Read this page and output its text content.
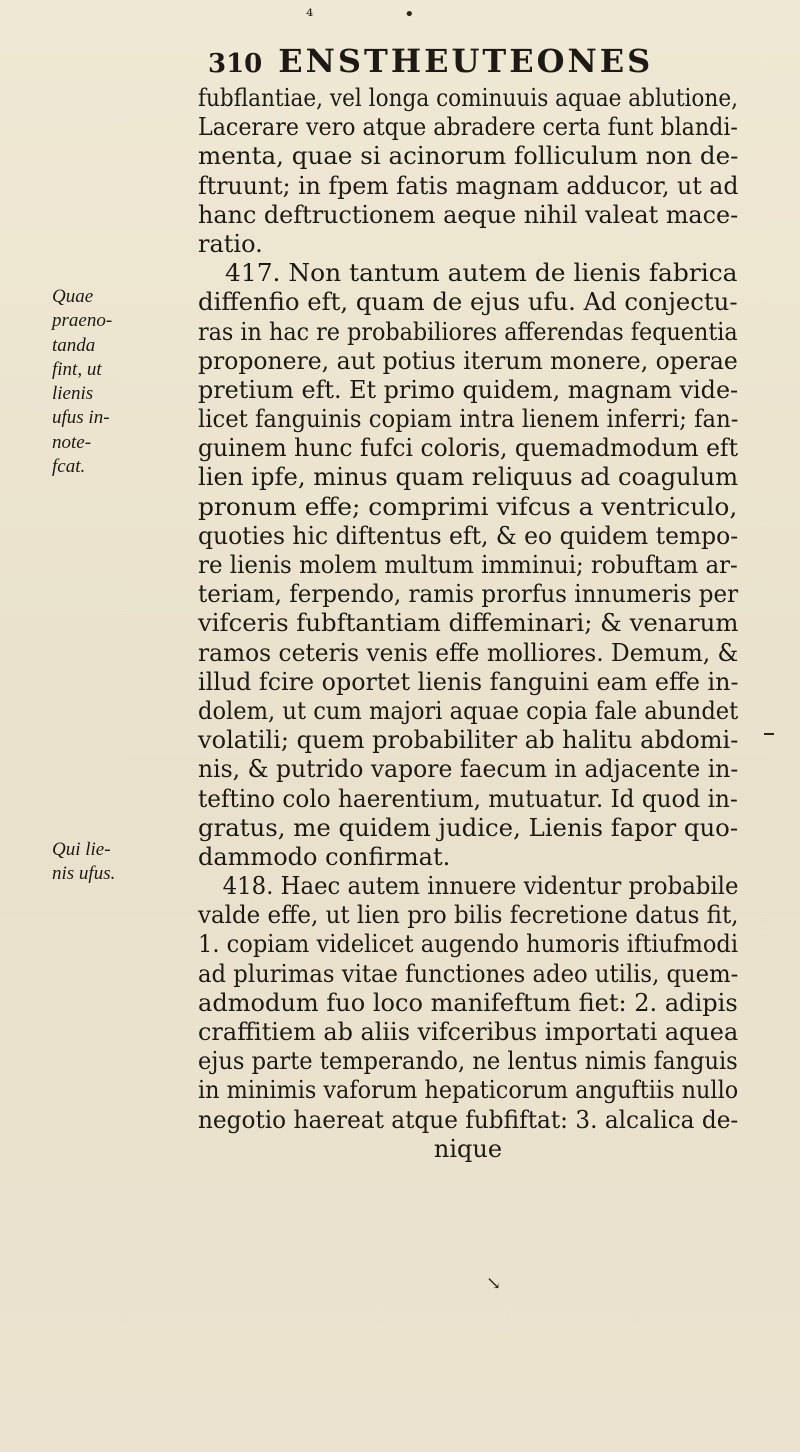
⁴	•
↘
310 ENSTHEUTEONES
fubflantiae, vel longa cominuuis aquae ablutione,
Lacerare vero atque abradere certa funt blandi-
menta, quae si acinorum folliculum non de-
ftruunt; in fpem fatis magnam adducor, ut ad
hanc deftructionem aeque nihil valeat mace-
ratio.
417. Non tantum autem de lienis fabrica
diffenfio eft, quam de ejus ufu. Ad conjectu-
ras in hac re probabiliores afferendas fequentia
proponere, aut potius iterum monere, operae
pretium eft. Et primo quidem, magnam vide-
licet fanguinis copiam intra lienem inferri; fan-
guinem hunc fufci coloris, quemadmodum eft
lien ipfe, minus quam reliquus ad coagulum
pronum effe; comprimi vifcus a ventriculo,
quoties hic diftentus eft, & eo quidem tempo-
re lienis molem multum imminui; robuftam ar-
teriam, ferpendo, ramis prorfus innumeris per
vifceris fubftantiam diffeminari; & venarum
ramos ceteris venis effe molliores. Demum, &
illud fcire oportet lienis fanguini eam effe in-
dolem, ut cum majori aquae copia fale abundet
volatili; quem probabiliter ab halitu abdomi-
nis, & putrido vapore faecum in adjacente in-
teftino colo haerentium, mutuatur. Id quod in-
gratus, me quidem judice, Lienis fapor quo-
dammodo confirmat.
418. Haec autem innuere videntur probabile
valde effe, ut lien pro bilis fecretione datus fit,
1. copiam videlicet augendo humoris iftiufmodi
ad plurimas vitae functiones adeo utilis, quem-
admodum fuo loco manifeftum fiet: 2. adipis
craffitiem ab aliis vifceribus importati aquea
ejus parte temperando, ne lentus nimis fanguis
in minimis vaforum hepaticorum anguftiis nullo
negotio haereat atque fubfiftat: 3. alcalica de-
nique
Quae
praeno-
tanda
fint, ut
lienis
ufus in-
note-
fcat.
Qui lie-
nis ufus.
